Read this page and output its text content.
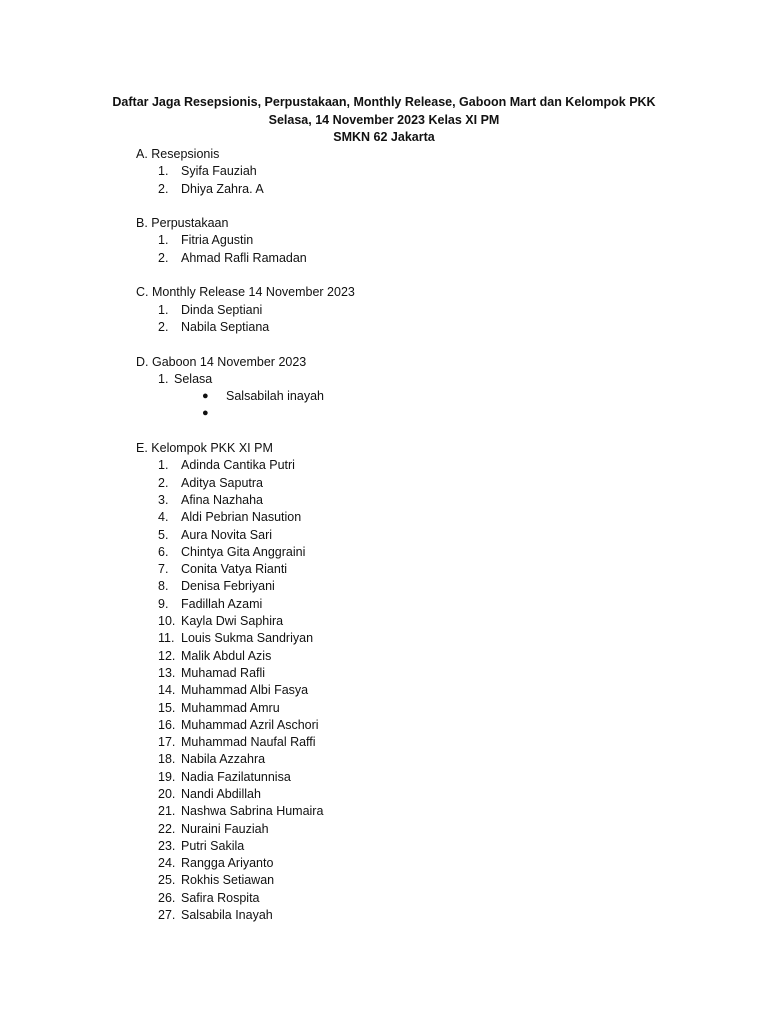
Daftar Jaga Resepsionis, Perpustakaan, Monthly Release, Gaboon Mart dan Kelompok PKK
Selasa, 14 November 2023 Kelas XI PM
SMKN 62 Jakarta
A. Resepsionis
1.	Syifa Fauziah
2.	Dhiya Zahra. A
B. Perpustakaan
1.	Fitria Agustin
2.	Ahmad Rafli Ramadan
C. Monthly Release 14 November 2023
1.	Dinda Septiani
2.	Nabila Septiana
D. Gaboon 14 November 2023
1. Selasa
● Salsabilah inayah
●
E. Kelompok PKK XI PM
1.	Adinda Cantika Putri
2.	Aditya Saputra
3.	Afina Nazhaha
4.	Aldi Pebrian Nasution
5.	Aura Novita Sari
6.	Chintya Gita Anggraini
7.	Conita Vatya Rianti
8.	Denisa Febriyani
9.	Fadillah Azami
10. Kayla Dwi Saphira
11. Louis Sukma Sandriyan
12. Malik Abdul Azis
13. Muhamad Rafli
14. Muhammad Albi Fasya
15. Muhammad Amru
16. Muhammad Azril Aschori
17. Muhammad Naufal Raffi
18. Nabila Azzahra
19. Nadia Fazilatunnisa
20. Nandi Abdillah
21. Nashwa Sabrina Humaira
22. Nuraini Fauziah
23. Putri Sakila
24. Rangga Ariyanto
25. Rokhis Setiawan
26. Safira Rospita
27. Salsabila Inayah
